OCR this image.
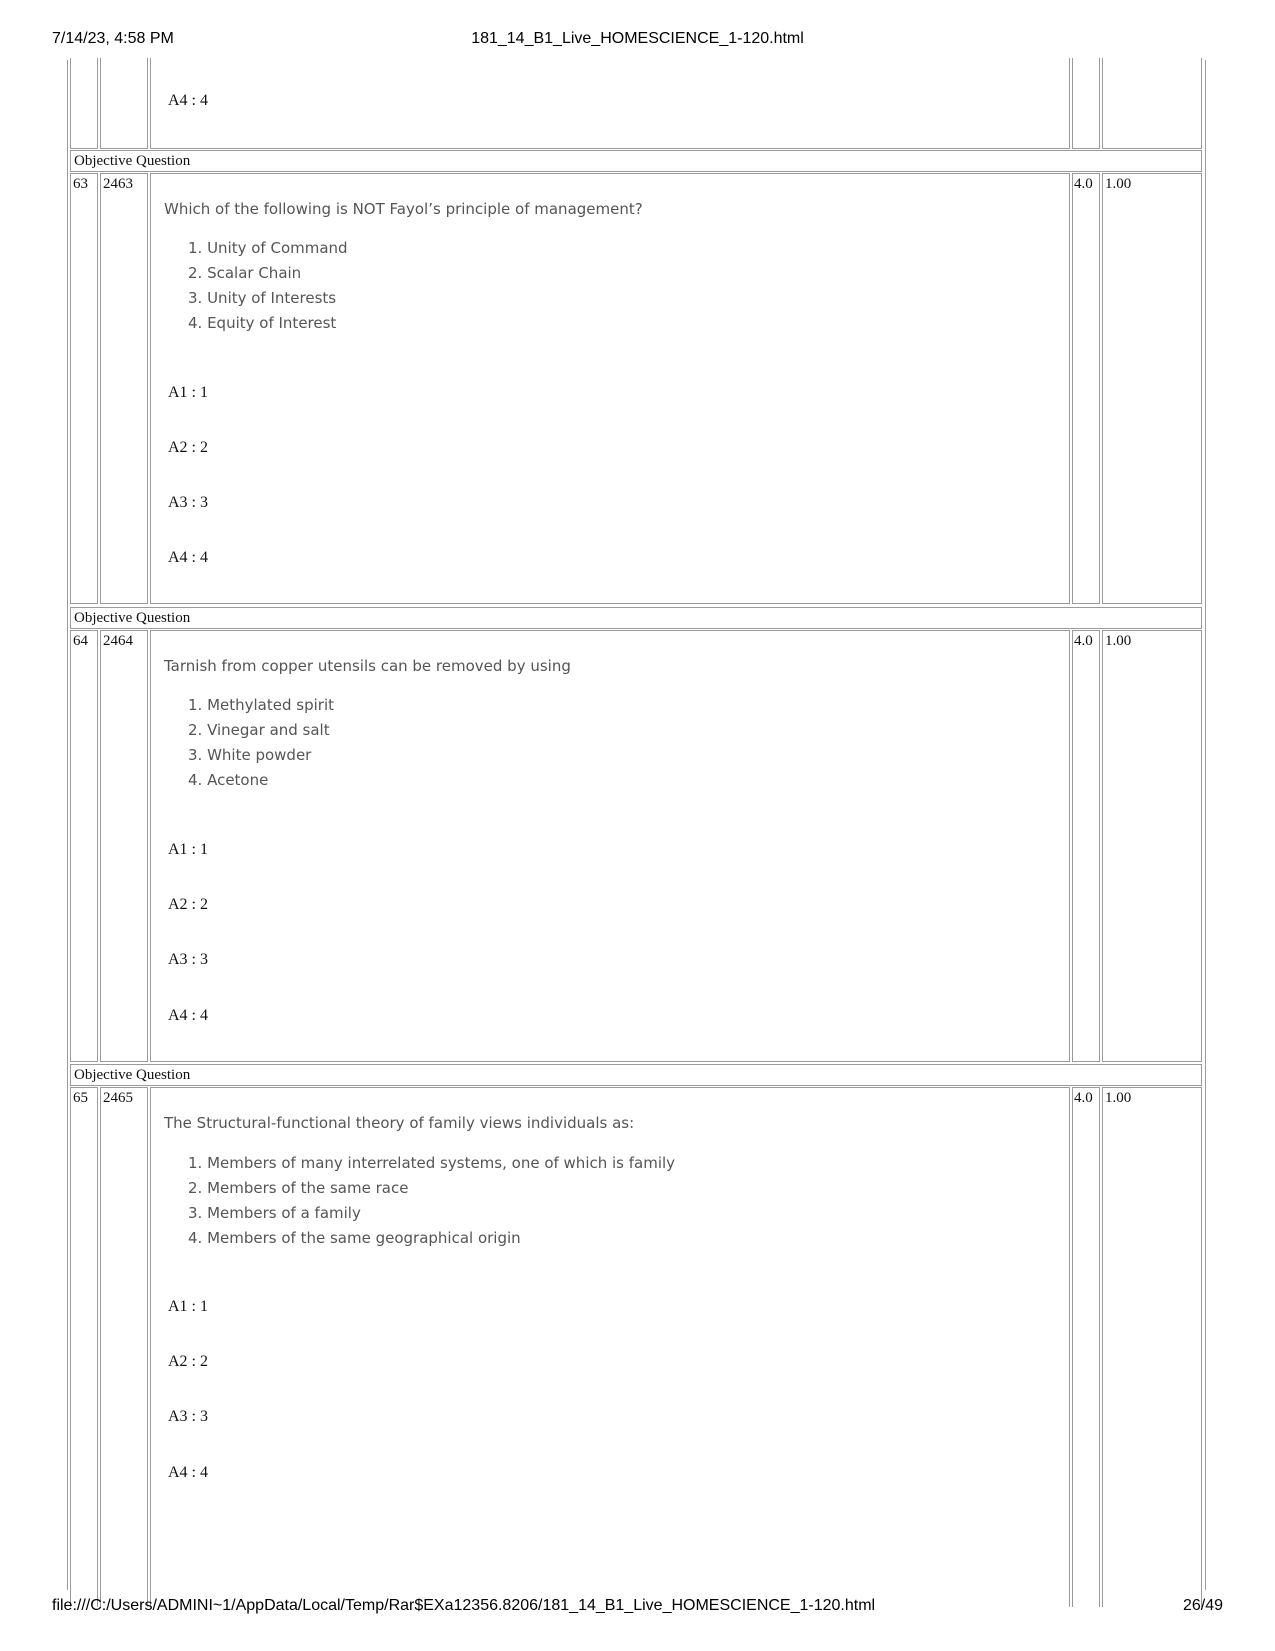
7/14/23, 4:58 PM	181_14_B1_Live_HOMESCIENCE_1-120.html
A4 : 4
Objective Question
63 2463
Which of the following is NOT Fayol’s principle of management?
1. Unity of Command
2. Scalar Chain
3. Unity of Interests
4. Equity of Interest
A1 : 1
A2 : 2
A3 : 3
A4 : 4
4.0 1.00
Objective Question
64 2464
Tarnish from copper utensils can be removed by using
1. Methylated spirit
2. Vinegar and salt
3. White powder
4. Acetone
A1 : 1
A2 : 2
A3 : 3
A4 : 4
4.0 1.00
Objective Question
65 2465
The Structural-functional theory of family views individuals as:
1. Members of many interrelated systems, one of which is family
2. Members of the same race
3. Members of a family
4. Members of the same geographical origin
A1 : 1
A2 : 2
A3 : 3
A4 : 4
4.0 1.00
file:///C:/Users/ADMINI~1/AppData/Local/Temp/Rar$EXa12356.8206/181_14_B1_Live_HOMESCIENCE_1-120.html	26/49
